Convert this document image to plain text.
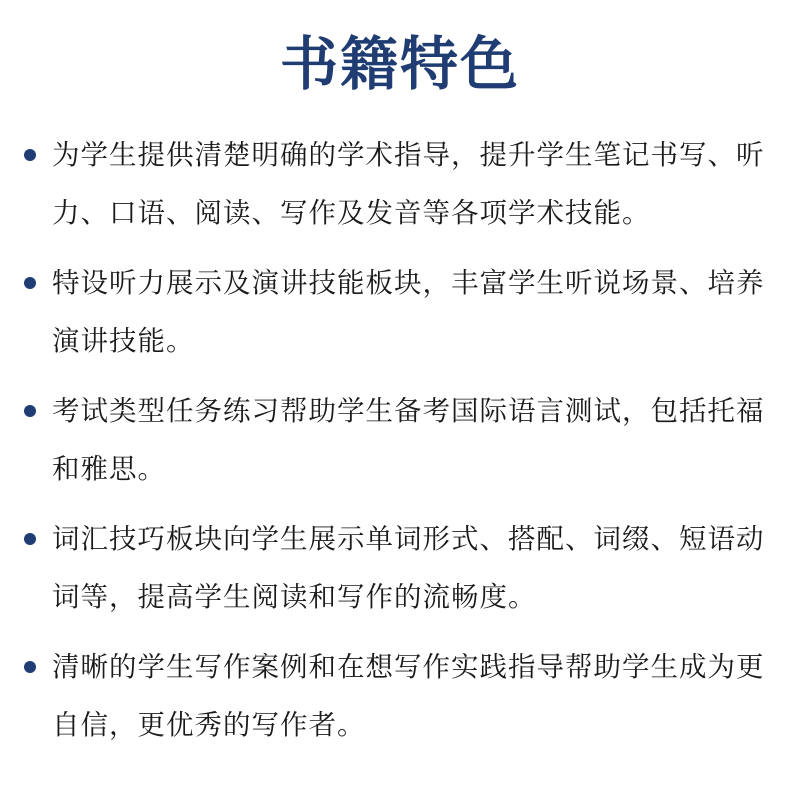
书籍特色
为学生提供清楚明确的学术指导，提升学生笔记书写、听力、口语、阅读、写作及发音等各项学术技能。
特设听力展示及演讲技能板块，丰富学生听说场景、培养演讲技能。
考试类型任务练习帮助学生备考国际语言测试，包括托福和雅思。
词汇技巧板块向学生展示单词形式、搭配、词缀、短语动词等，提高学生阅读和写作的流畅度。
清晰的学生写作案例和在想写作实践指导帮助学生成为更自信，更优秀的写作者。
